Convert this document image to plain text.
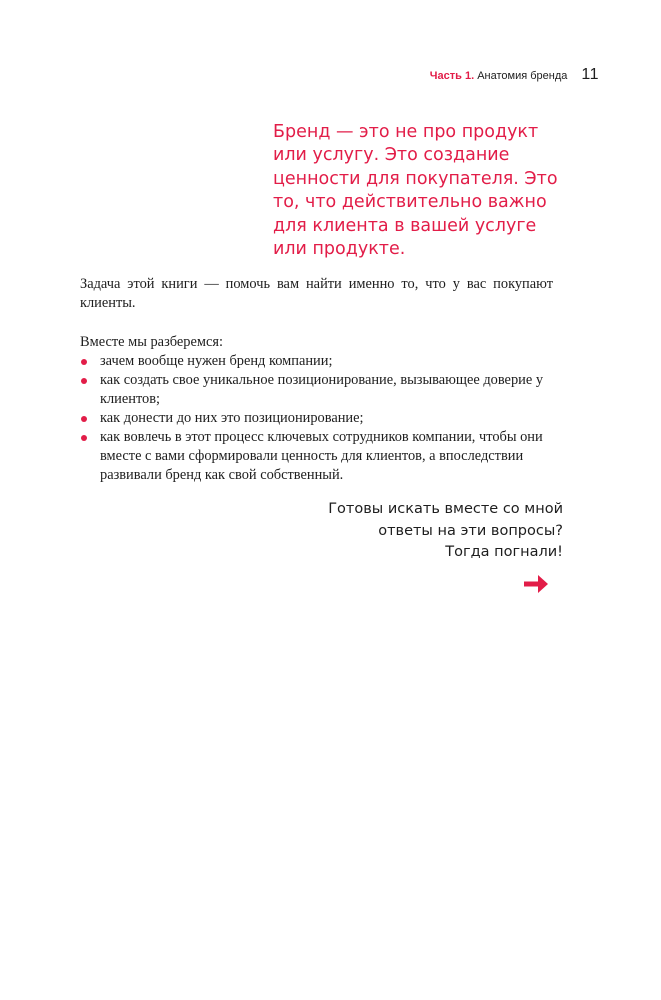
Часть 1. Анатомия бренда 11

Бренд — это не про продукт
или услугу. Это создание
ценности для покупателя. Это
то, что действительно важно
для клиента в вашей услуге
или продукте.

Задача этой книги — помочь вам найти именно то, что у вас покупают клиенты.

Вместе мы разберемся:

зачем вообще нужен бренд компании;
как создать свое уникальное позиционирование, вызывающее доверие у клиентов;
как донести до них это позиционирование;
как вовлечь в этот процесс ключевых сотрудников компании, чтобы они вместе с вами сформировали ценность для клиентов, а впоследствии развивали бренд как свой собственный.

Готовы искать вместе со мной
ответы на эти вопросы?
Тогда погнали!
